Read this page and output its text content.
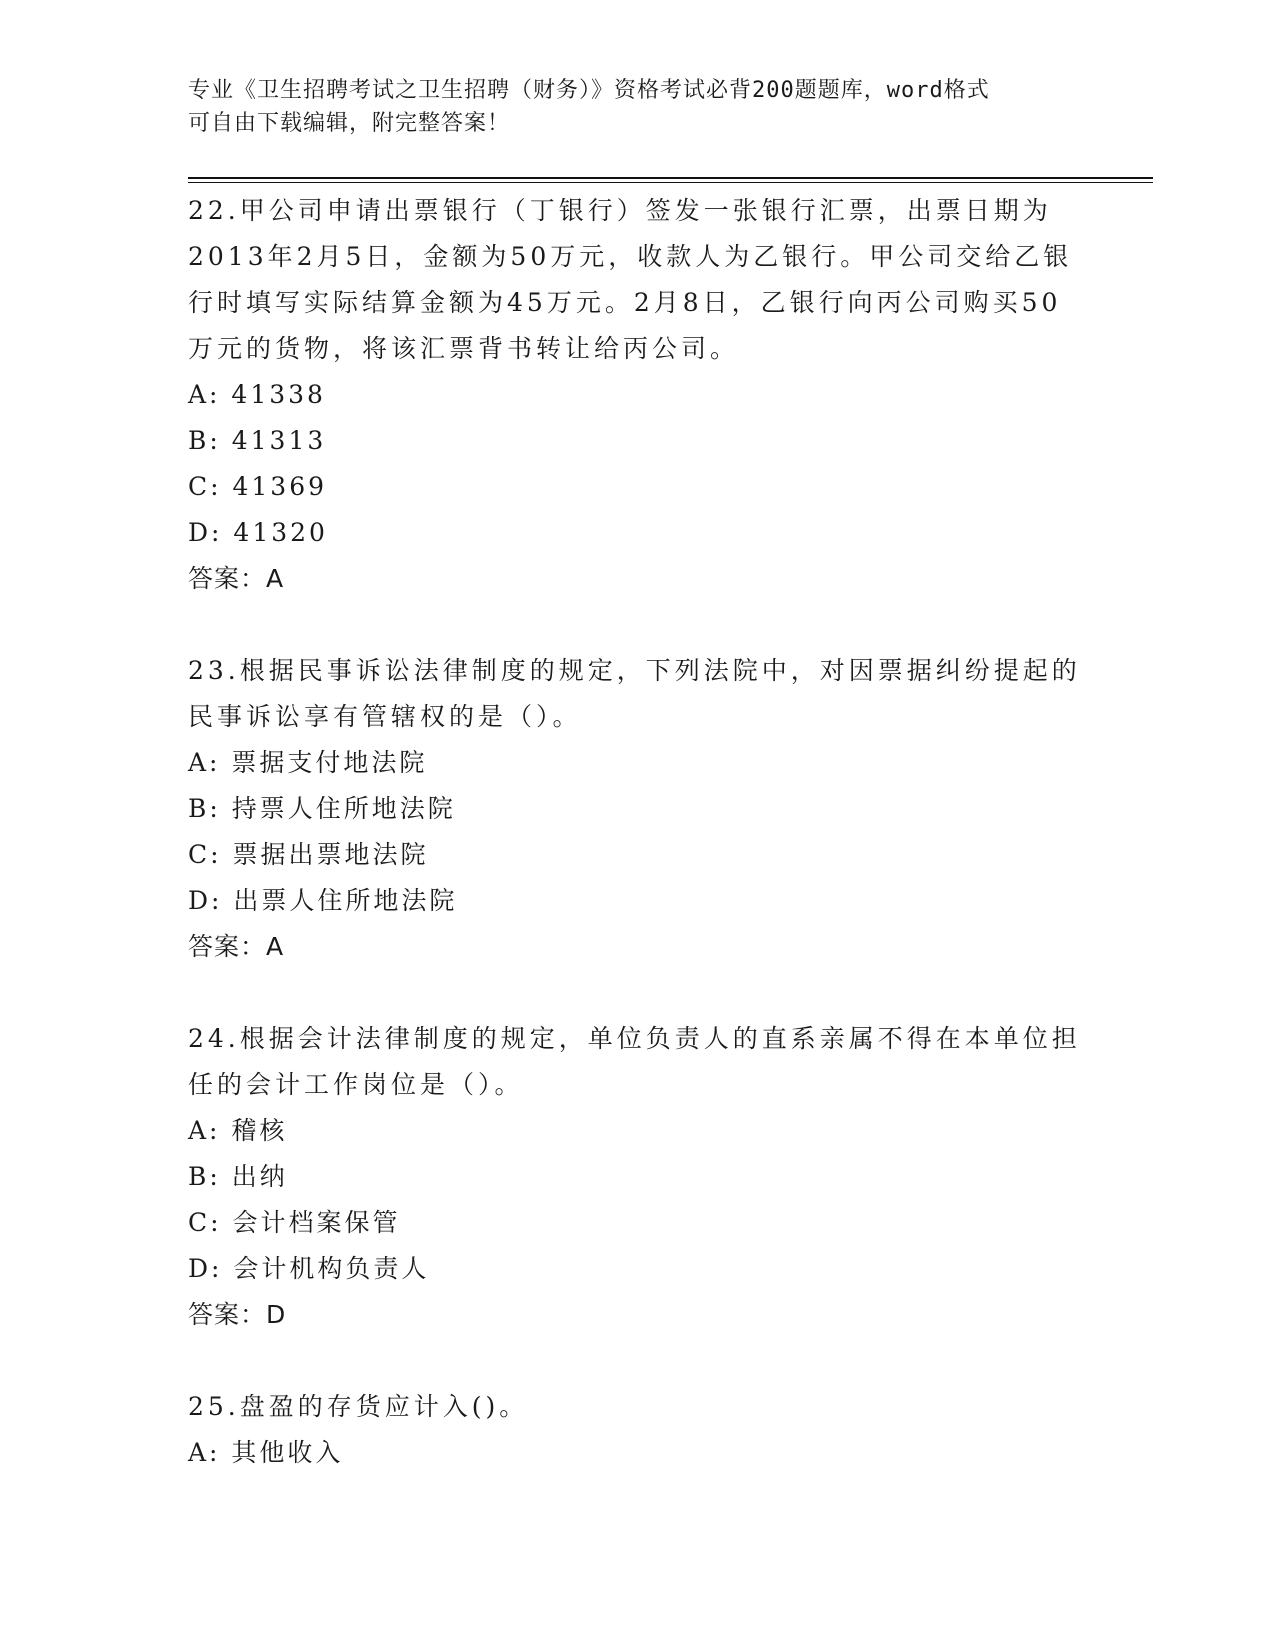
专业《卫生招聘考试之卫生招聘（财务）》资格考试必背200题题库，word格式
可自由下载编辑，附完整答案！

22.甲公司申请出票银行（丁银行）签发一张银行汇票，出票日期为

2013年2月5日，金额为50万元，收款人为乙银行。甲公司交给乙银

行时填写实际结算金额为45万元。2月8日，乙银行向丙公司购买50

万元的货物，将该汇票背书转让给丙公司。

A: 41338

B: 41313

C: 41369

D: 41320

答案：A

23.根据民事诉讼法律制度的规定，下列法院中，对因票据纠纷提起的

民事诉讼享有管辖权的是（）。

A: 票据支付地法院

B: 持票人住所地法院

C: 票据出票地法院

D: 出票人住所地法院

答案：A

24.根据会计法律制度的规定，单位负责人的直系亲属不得在本单位担

任的会计工作岗位是（）。

A: 稽核

B: 出纳

C: 会计档案保管

D: 会计机构负责人

答案：D

25.盘盈的存货应计入()。

A: 其他收入
